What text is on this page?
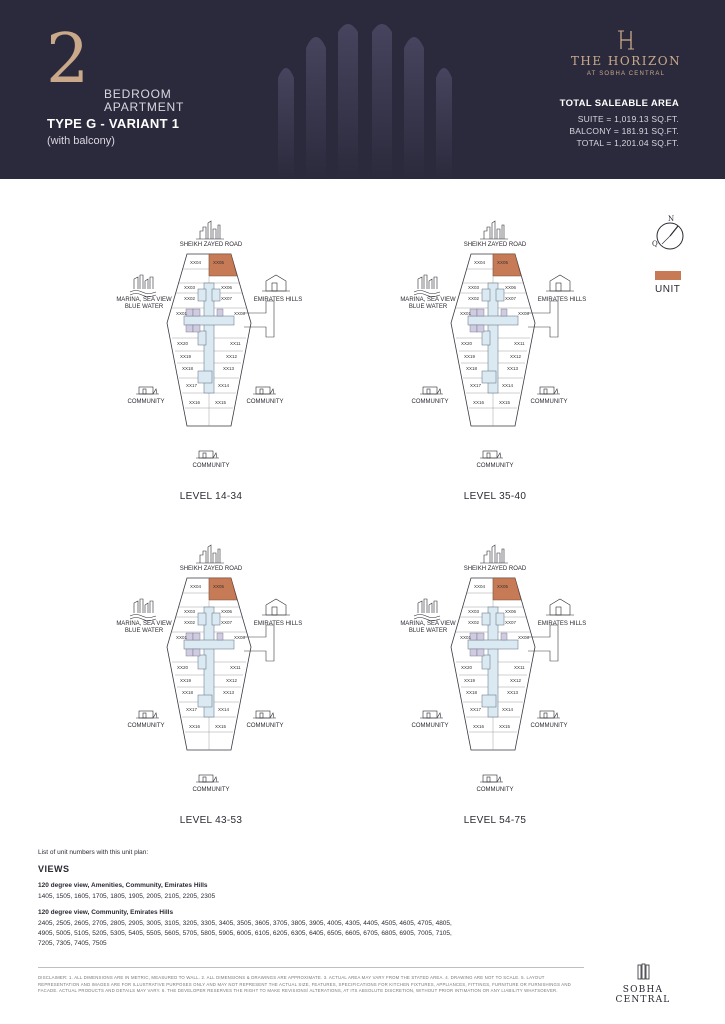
2 BEDROOM
APARTMENT
TYPE G - VARIANT 1
(with balcony)
THE HORIZON
AT SOBHA CENTRAL
TOTAL SALEABLE AREA
SUITE = 1,019.13 SQ.FT.
BALCONY = 181.91 SQ.FT.
TOTAL = 1,201.04 SQ.FT.
Q
N
UNIT
SHEIKH ZAYED ROAD
MARINA, SEA VIEW
BLUE WATER
EMIRATES HILLS
COMMUNITY	COMMUNITY
COMMUNITY
XX04	XX05
XX03	XX06
XX02	XX07
XX01	XX08
XX20	XX11
XX19	XX12
XX18	XX13
XX17	XX14
XX16	XX15
LEVEL 14-34
SHEIKH ZAYED ROAD
MARINA, SEA VIEW
BLUE WATER
EMIRATES HILLS
COMMUNITY	COMMUNITY
COMMUNITY
XX04	XX05
XX03	XX06
XX02	XX07
XX01	XX08
XX20	XX11
XX19	XX12
XX18	XX13
XX17	XX14
XX16	XX15
LEVEL 35-40
SHEIKH ZAYED ROAD
MARINA, SEA VIEW
BLUE WATER
EMIRATES HILLS
COMMUNITY	COMMUNITY
COMMUNITY
XX04	XX05
XX03	XX06
XX02	XX07
XX01	XX08
XX20	XX11
XX19	XX12
XX18	XX13
XX17	XX14
XX16	XX15
LEVEL 43-53
SHEIKH ZAYED ROAD
MARINA, SEA VIEW
BLUE WATER
EMIRATES HILLS
COMMUNITY	COMMUNITY
COMMUNITY
XX04	XX05
XX03	XX06
XX02	XX07
XX01	XX08
XX20	XX11
XX19	XX12
XX18	XX13
XX17	XX14
XX16	XX15
LEVEL 54-75
List of unit numbers with this unit plan:
VIEWS
120 degree view, Amenities, Community, Emirates Hills
1405, 1505, 1605, 1705, 1805, 1905, 2005, 2105, 2205, 2305
120 degree view, Community, Emirates Hills
2405, 2505, 2605, 2705, 2805, 2905, 3005, 3105, 3205, 3305, 3405, 3505, 3605, 3705, 3805, 3905, 4005, 4305, 4405, 4505, 4605, 4705, 4805, 4905, 5005, 5105, 5205, 5305, 5405, 5505, 5605, 5705, 5805, 5905, 6005, 6105, 6205, 6305, 6405, 6505, 6605, 6705, 6805, 6905, 7005, 7105, 7205, 7305, 7405, 7505
DISCLAIMER: 1. ALL DIMENSIONS ARE IN METRIC, MEASURED TO WALL. 2. ALL DIMENSIONS & DRAWINGS ARE APPROXIMATE. 3. ACTUAL AREA MAY VARY FROM THE STATED AREA. 4. DRAWING ARE NOT TO SCALE. 5. LAYOUT REPRESENTATION AND IMAGES ARE FOR ILLUSTRATIVE PURPOSES ONLY AND MAY NOT REPRESENT THE ACTUAL SIZE, FEATURES, SPECIFICATIONS FOR KITCHEN FIXTURES, APPLIANCES, FITTINGS, FURNITURE OR FURNISHINGS AND FACADE. ACTUAL PRODUCTS AND DETAILS MAY VARY. 6. THE DEVELOPER RESERVES THE RIGHT TO MAKE REVISIONS/ ALTERATIONS, AT ITS ABSOLUTE DISCRETION, WITHOUT PRIOR INTIMATION OR ANY LIABILITY WHATSOEVER.	SOBHA CENTRAL
